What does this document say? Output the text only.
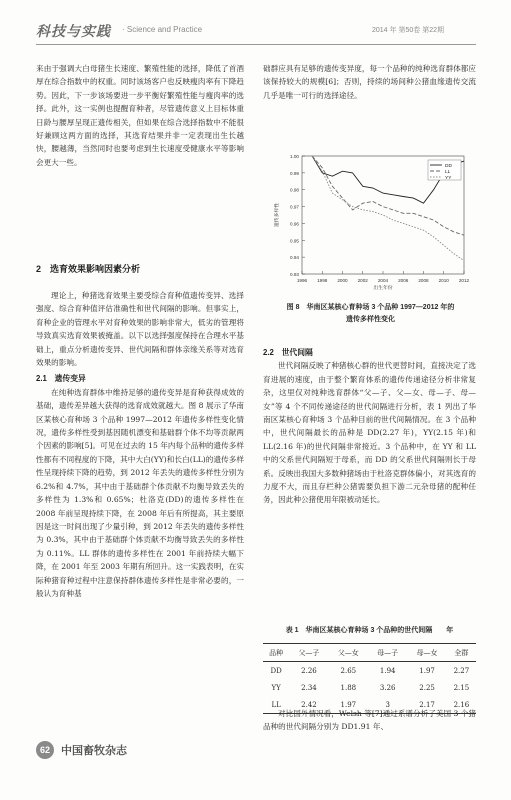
科技与实践 · Science and Practice	2014 年 第50卷 第22期

来由于强调大白母猪生长速度、繁殖性能的选择，降低了首酒厚在综合指数中的权重。同时该场客户也反映瘦肉率有下降趋势。因此，下一步该场要进一步平衡好繁殖性能与瘦肉率的选择。此外，这一实例也提醒育种者，尽管遗传意义上目标体重日龄与腰厚呈现正遗传相关，但如果在综合选择指数中不能很好兼顾这两方面的选择，其选育结果并非一定表现出生长越快，腰越薄，当然同时也要考虑到生长速度受健康水平等影响会更大一些。

2　选育效果影响因素分析

理论上，种猪选育效果主要受综合育种值遗传变异、选择强度、综合育种值评估准确性和世代间隔的影响。但事实上，育种企业的管理水平对育种效果的影响非常大，低劣的管理将导致真实选育效果被掩盖。以下以选择强度保持在合理水平基础上，重点分析遗传变异、世代间隔和群体亲缘关系等对选育效果的影响。

2.1　遗传变异

在纯种选育群体中维持足够的遗传变异是育种获得成效的基础，遗传差异越大获得的选育成效就越大。图 8 展示了华南区某核心育种场 3 个品种 1997—2012 年遗传多样性变化情况，遗传多样性受到基因随机漂变和基础群个体不均等贡献两个因素的影响[5]。可见在过去的 15 年内每个品种的遗传多样性都有不同程度的下降，其中大白(YY)和长白(LL)的遗传多样性呈现持续下降的趋势，到 2012 年丢失的遗传多样性分别为 6.2%和 4.7%，其中由于基础群个体贡献不均衡导致丢失的多样性为 1.3%和 0.65%；杜洛克(DD)的遗传多样性在 2008 年前呈现持续下降，在 2008 年后有所提高，其主要原因是这一时间出现了少量引种，到 2012 年丢失的遗传多样性为 0.3%，其中由于基础群个体贡献不均衡导致丢失的多样性为 0.11%。LL 群体的遗传多样性在 2001 年前持续大幅下降，在 2001 年至 2003 年期有所回升。这一实践表明，在实际种猪育种过程中注意保持群体遗传多样性是非常必要的，一般认为育种基

础群应具有足够的遗传变异度，每一个品种的纯种选育群体都应该保持较大的规模[6]；否则，持续的场间种公猪血缘遗传交流几乎是唯一可行的选择途径。

0.93
0.94
0.95
0.96
0.97
0.98
0.99
1.00
1996 1998 2000 2002 2004 2006 2008 2010 2012
出生年份
遗传多样性
DD
LL
YY
图 8　华南区某核心育种场 3 个品种 1997—2012 年的
遗传多样性变化
2.2　世代间隔

世代间隔反映了种猪核心群的世代更替时间，直接决定了选育进展的速度，由于整个繁育体系的遗传传递途径分析非常复杂，这里仅对纯种选育群体“父—子、父—女、母—子、母—女”等 4 个不同传递途径的世代间隔进行分析，表 1 列出了华南区某核心育种场 3 个品种目前的世代间隔情况。在 3 个品种中，世代间隔最长的品种是 DD(2.27 年)，YY(2.15 年)和 LL(2.16 年)的世代间隔非常接近。3 个品种中，在 YY 和 LL 中的父系世代间隔短于母系，而 DD 的父系世代间隔则长于母系。反映出我国大多数种猪场由于杜洛克群体偏小，对其选育的力度不大，而且存栏种公猪需要负担下游二元杂母猪的配种任务，因此种公猪使用年限被动延长。

表 1　华南区某核心育种场 3 个品种的世代间隔　　年
品种	父—子	父—女	母—子	母—女	全群
DD	2.26	2.65	1.94	1.97	2.27
YY	2.34	1.88	3.26	2.25	2.15
LL	2.42	1.97	3	2.17	2.16

对比国外情况看，Welsh 等[7]通过系谱分析了美国 3 个猪品种的世代间隔分别为 DD1.91 年、

62	中国畜牧杂志
